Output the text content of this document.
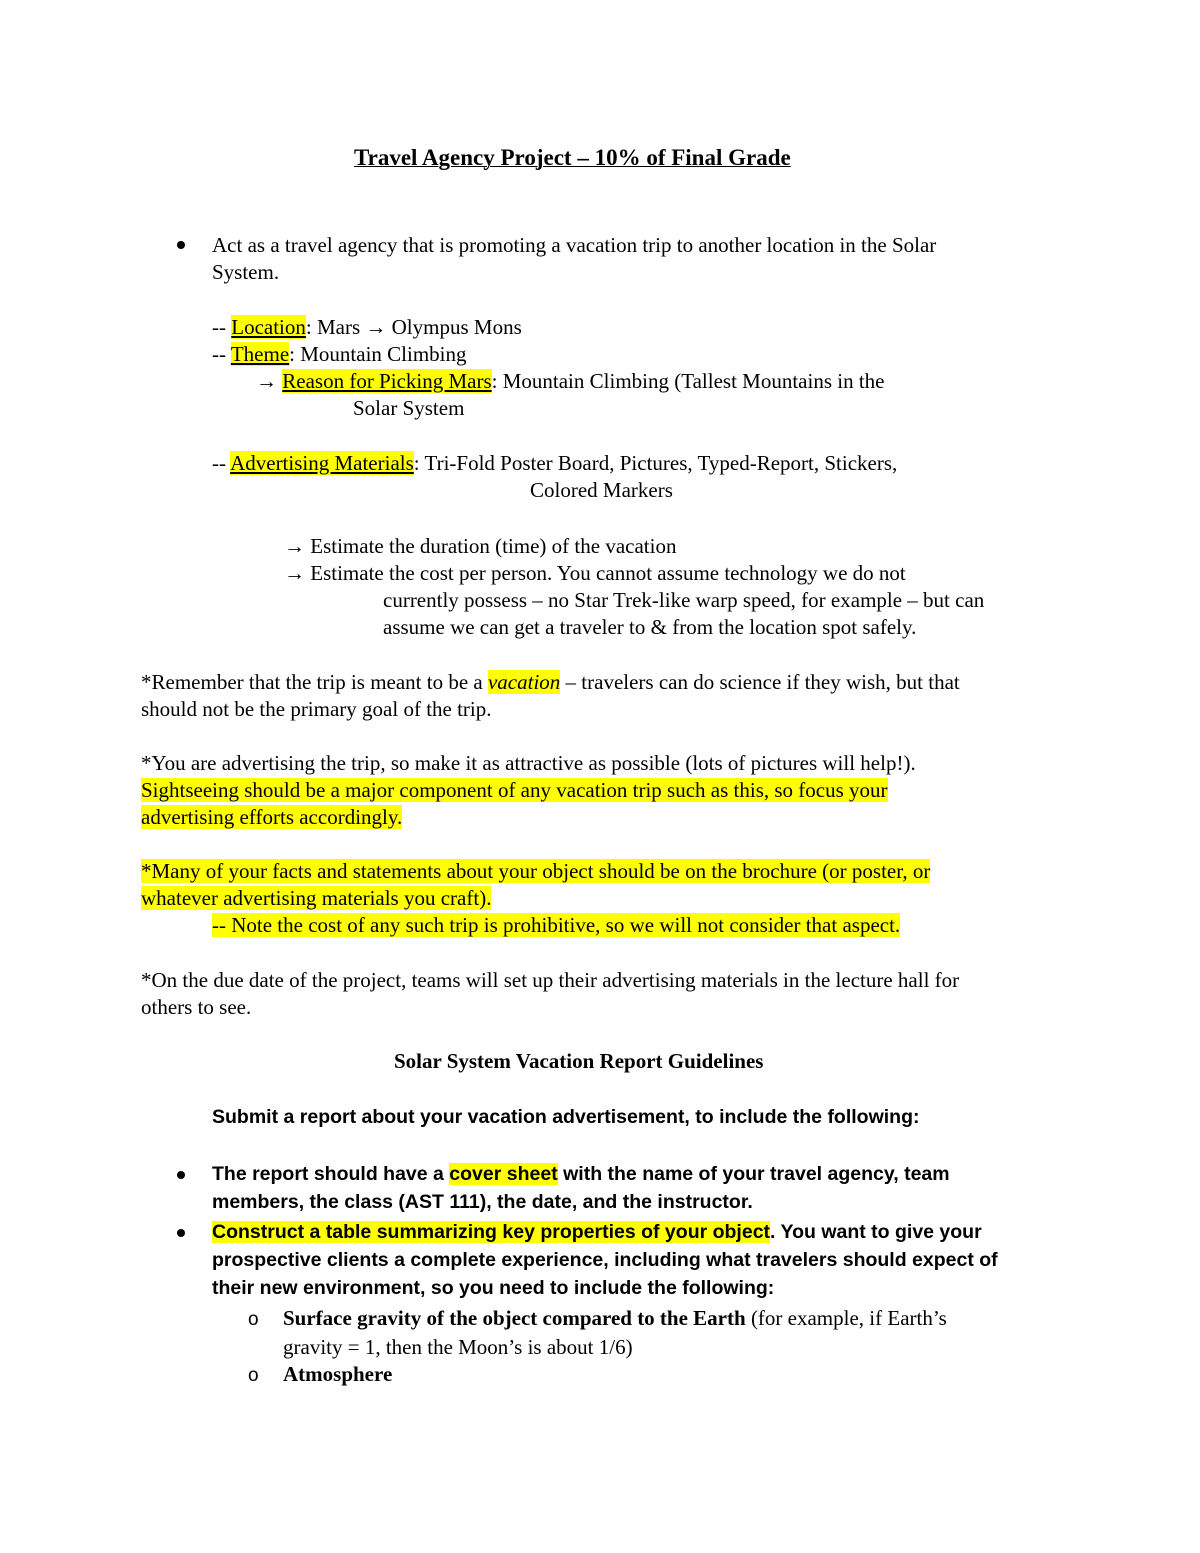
Travel Agency Project – 10% of Final Grade
Act as a travel agency that is promoting a vacation trip to another location in the Solar
System.
-- Location: Mars → Olympus Mons
-- Theme: Mountain Climbing
→ Reason for Picking Mars: Mountain Climbing (Tallest Mountains in the
Solar System
-- Advertising Materials: Tri-Fold Poster Board, Pictures, Typed-Report, Stickers,
Colored Markers
→ Estimate the duration (time) of the vacation
→ Estimate the cost per person. You cannot assume technology we do not
currently possess – no Star Trek-like warp speed, for example – but can
assume we can get a traveler to & from the location spot safely.
*Remember that the trip is meant to be a vacation – travelers can do science if they wish, but that
should not be the primary goal of the trip.
*You are advertising the trip, so make it as attractive as possible (lots of pictures will help!).
Sightseeing should be a major component of any vacation trip such as this, so focus your
advertising efforts accordingly.
*Many of your facts and statements about your object should be on the brochure (or poster, or
whatever advertising materials you craft).
-- Note the cost of any such trip is prohibitive, so we will not consider that aspect.
*On the due date of the project, teams will set up their advertising materials in the lecture hall for
others to see.
Solar System Vacation Report Guidelines
Submit a report about your vacation advertisement, to include the following:
The report should have a cover sheet with the name of your travel agency, team
members, the class (AST 111), the date, and the instructor.
Construct a table summarizing key properties of your object. You want to give your
prospective clients a complete experience, including what travelers should expect of
their new environment, so you need to include the following:
o Surface gravity of the object compared to the Earth (for example, if Earth’s
gravity = 1, then the Moon’s is about 1/6)
o Atmosphere
